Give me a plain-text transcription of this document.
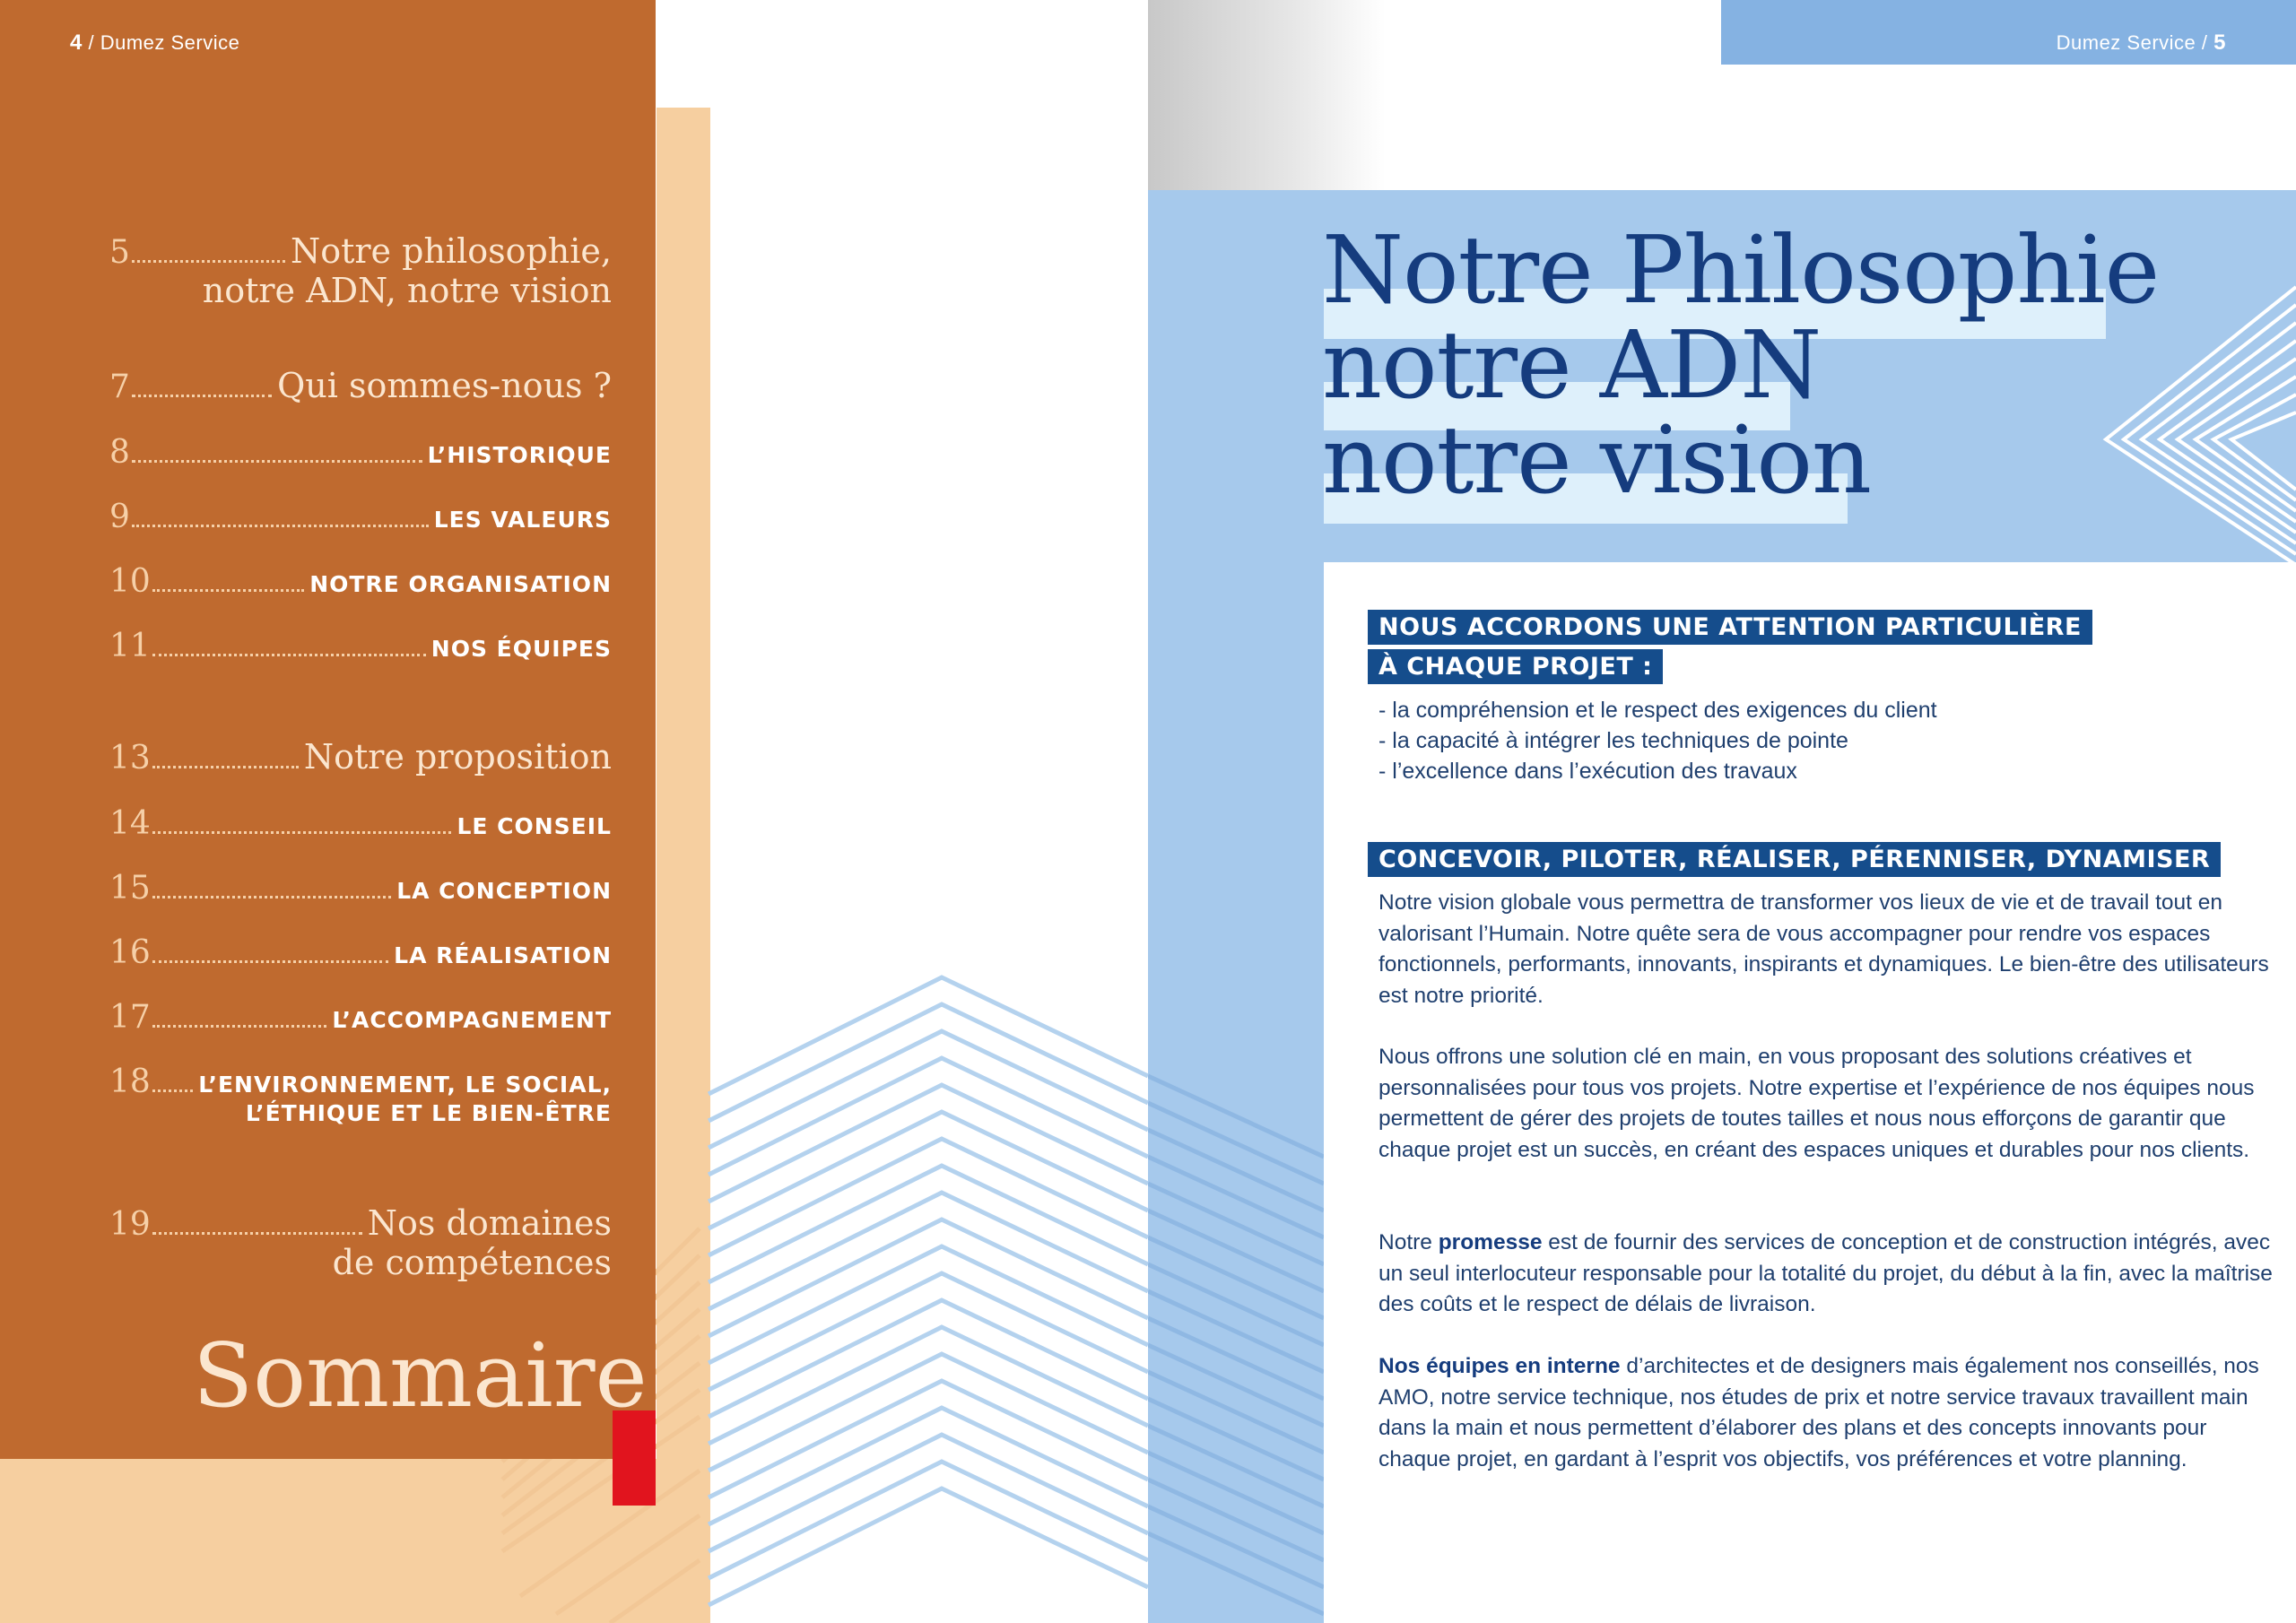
4 / Dumez Service
5	Notre philosophie,
notre ADN, notre vision
7	Qui sommes-nous ?
8	L’HISTORIQUE
9	LES VALEURS
10	NOTRE ORGANISATION
11	NOS ÉQUIPES
13	Notre proposition
14	LE CONSEIL
15	LA CONCEPTION
16	LA RÉALISATION
17	L’ACCOMPAGNEMENT
18 L’ENVIRONNEMENT, LE SOCIAL,
L’ÉTHIQUE ET LE BIEN-ÊTRE
19	Nos domaines
de compétences
Sommaire
Dumez Service / 5
Notre Philosophie
notre ADN
notre vision
NOUS ACCORDONS UNE ATTENTION PARTICULIÈRE
À CHAQUE PROJET :
- la compréhension et le respect des exigences du client
- la capacité à intégrer les techniques de pointe
- l’excellence dans l’exécution des travaux
CONCEVOIR, PILOTER, RÉALISER, PÉRENNISER, DYNAMISER
Notre vision globale vous permettra de transformer vos lieux de vie et de travail tout en valorisant l’Humain. Notre quête sera de vous accompagner pour rendre vos espaces fonctionnels, performants, innovants, inspirants et dynamiques. Le bien-être des utilisateurs est notre priorité.
Nous offrons une solution clé en main, en vous proposant des solutions créatives et personnalisées pour tous vos projets. Notre expertise et l’expérience de nos équipes nous permettent de gérer des projets de toutes tailles et nous nous efforçons de garantir que chaque projet est un succès, en créant des espaces uniques et durables pour nos clients.
Notre promesse est de fournir des services de conception et de construction intégrés, avec un seul interlocuteur responsable pour la totalité du projet, du début à la fin, avec la maîtrise des coûts et le respect de délais de livraison.
Nos équipes en interne d’architectes et de designers mais également nos conseillés, nos AMO, notre service technique, nos études de prix et notre service travaux travaillent main dans la main et nous permettent d’élaborer des plans et des concepts innovants pour chaque projet, en gardant à l’esprit vos objectifs, vos préférences et votre planning.
